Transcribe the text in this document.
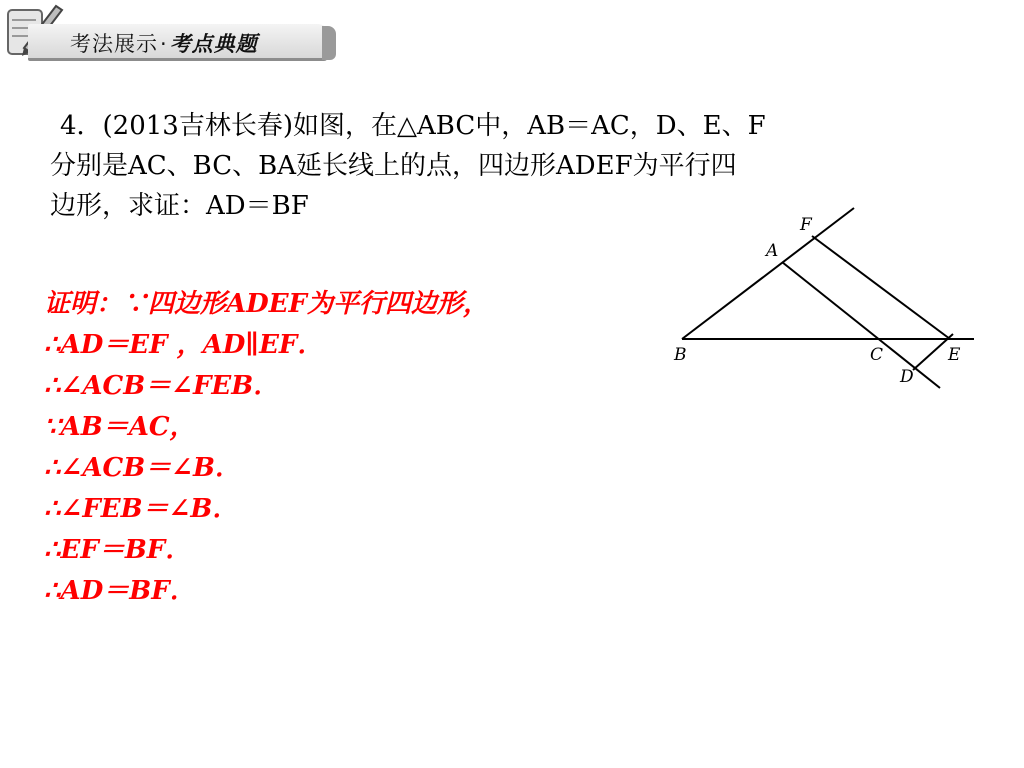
考法展示·考点典题
4．(2013吉林长春)如图，在△ABC中，AB＝AC，D、E、F
分别是AC、BC、BA延长线上的点，四边形ADEF为平行四
边形，求证：AD＝BF
证明：∵四边形ADEF为平行四边形，
∴AD＝EF ，AD∥EF．
∴∠ACB＝∠FEB．
∵AB＝AC，
∴∠ACB＝∠B．
∴∠FEB＝∠B．
∴EF＝BF．
∴AD＝BF．
F
A
B	C	E
D
